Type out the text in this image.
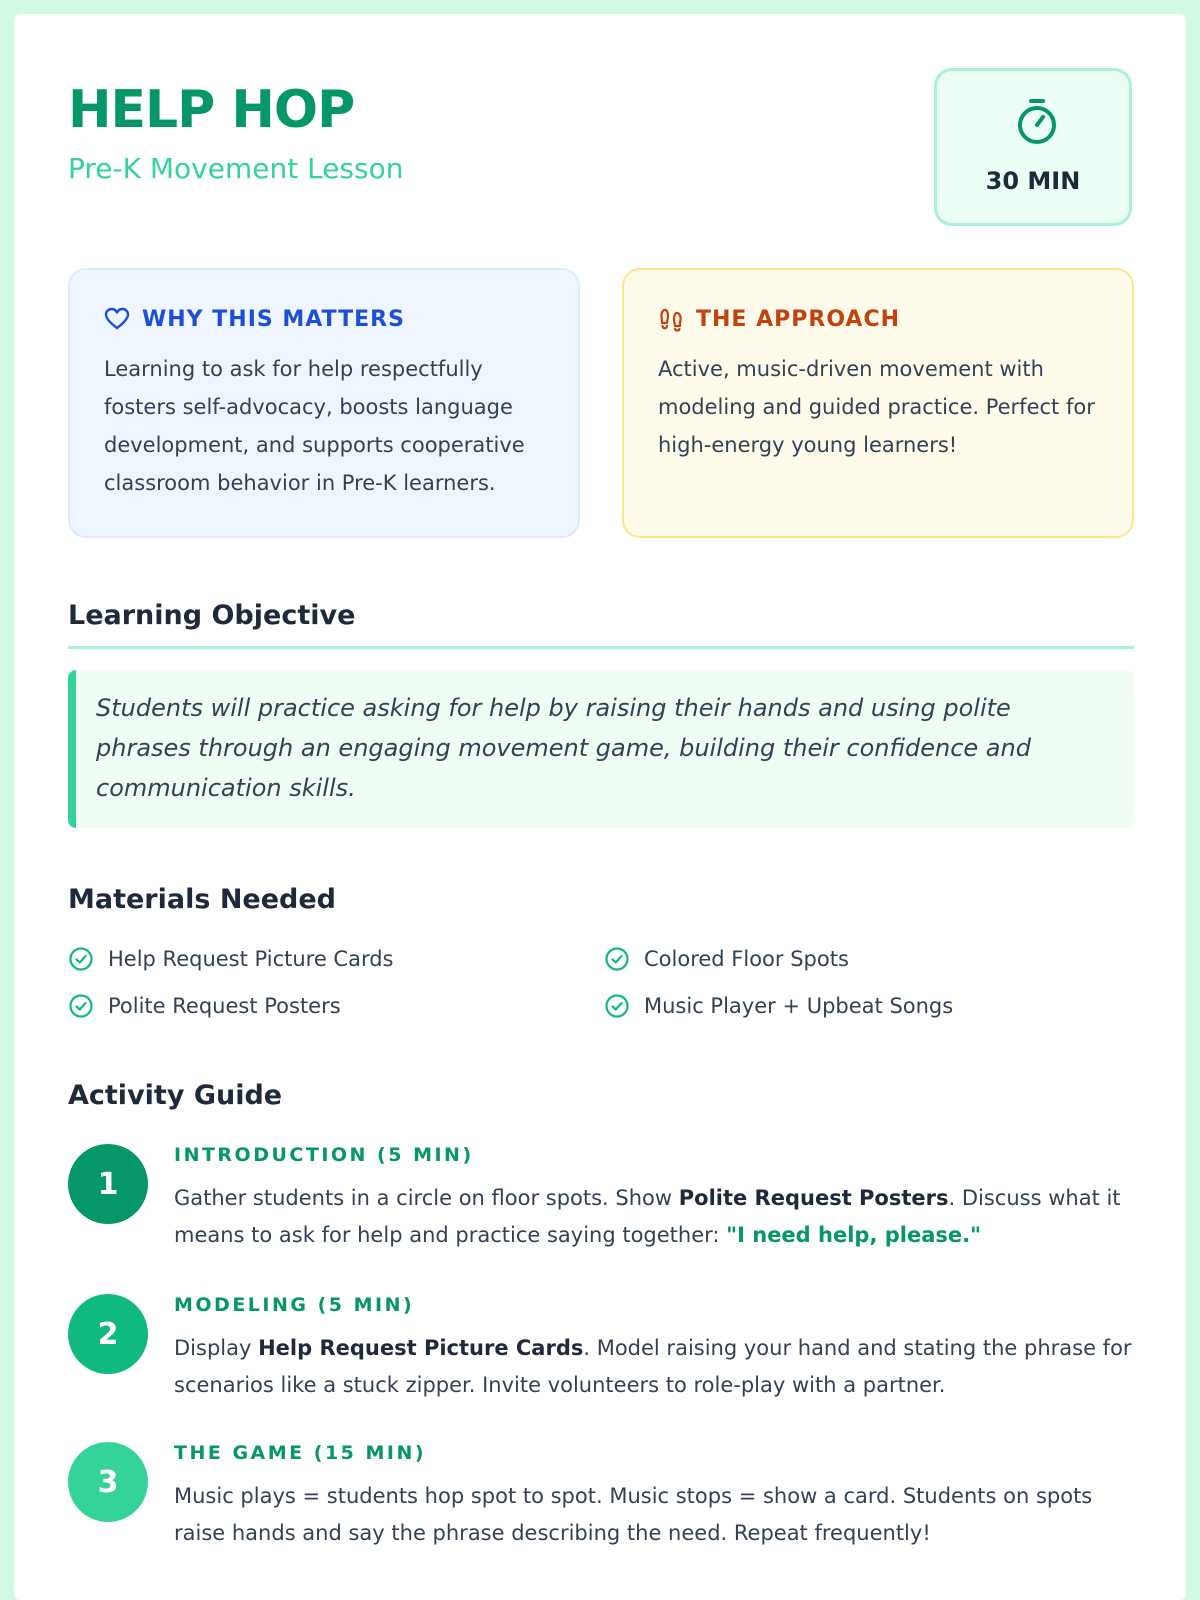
HELP HOP
Pre-K Movement Lesson	30 MIN
WHY THIS MATTERS

Learning to ask for help respectfully fosters self-advocacy, boosts language development, and supports cooperative classroom behavior in Pre-K learners.

THE APPROACH

Active, music-driven movement with modeling and guided practice. Perfect for high-energy young learners!

Learning Objective

Students will practice asking for help by raising their hands and using polite phrases through an engaging movement game, building their confidence and communication skills.

Materials Needed
Help Request Picture Cards	Colored Floor Spots
Polite Request Posters	Music Player + Upbeat Songs
Activity Guide
1
INTRODUCTION (5 MIN)
Gather students in a circle on floor spots. Show Polite Request Posters. Discuss what it means to ask for help and practice saying together: "I need help, please."
2
MODELING (5 MIN)
Display Help Request Picture Cards. Model raising your hand and stating the phrase for scenarios like a stuck zipper. Invite volunteers to role-play with a partner.
3
THE GAME (15 MIN)
Music plays = students hop spot to spot. Music stops = show a card. Students on spots raise hands and say the phrase describing the need. Repeat frequently!
